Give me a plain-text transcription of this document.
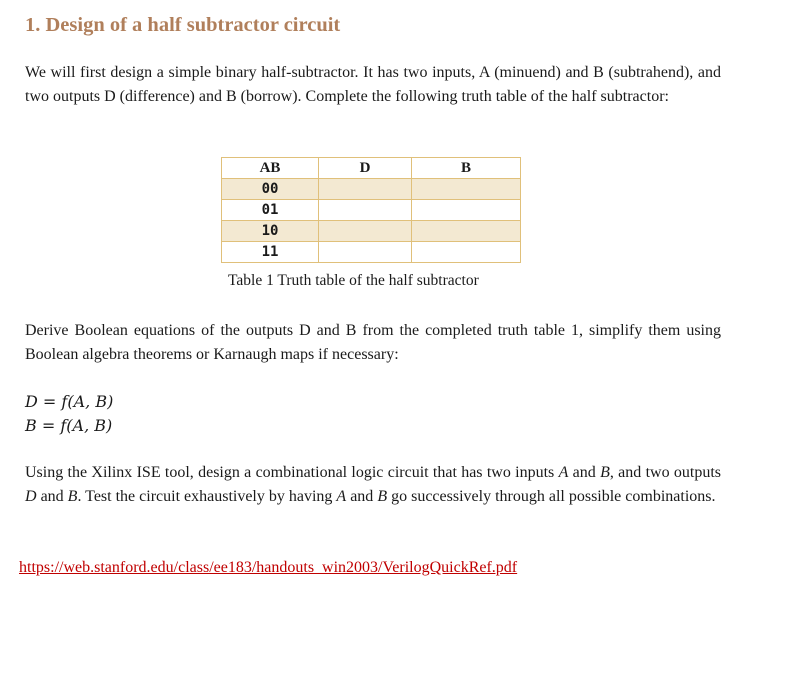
1. Design of a half subtractor circuit
We will first design a simple binary half-subtractor. It has two inputs, A (minuend) and B (subtrahend), and two outputs D (difference) and B (borrow). Complete the following truth table of the half subtractor:
AB	D	B
00		
01		
10		
11		
Table 1 Truth table of the half subtractor
Derive Boolean equations of the outputs D and B from the completed truth table 1, simplify them using Boolean algebra theorems or Karnaugh maps if necessary:
D = f(A, B)
B = f(A, B)
Using the Xilinx ISE tool, design a combinational logic circuit that has two inputs A and B, and two outputs D and B. Test the circuit exhaustively by having A and B go successively through all possible combinations.
https://web.stanford.edu/class/ee183/handouts_win2003/VerilogQuickRef.pdf
